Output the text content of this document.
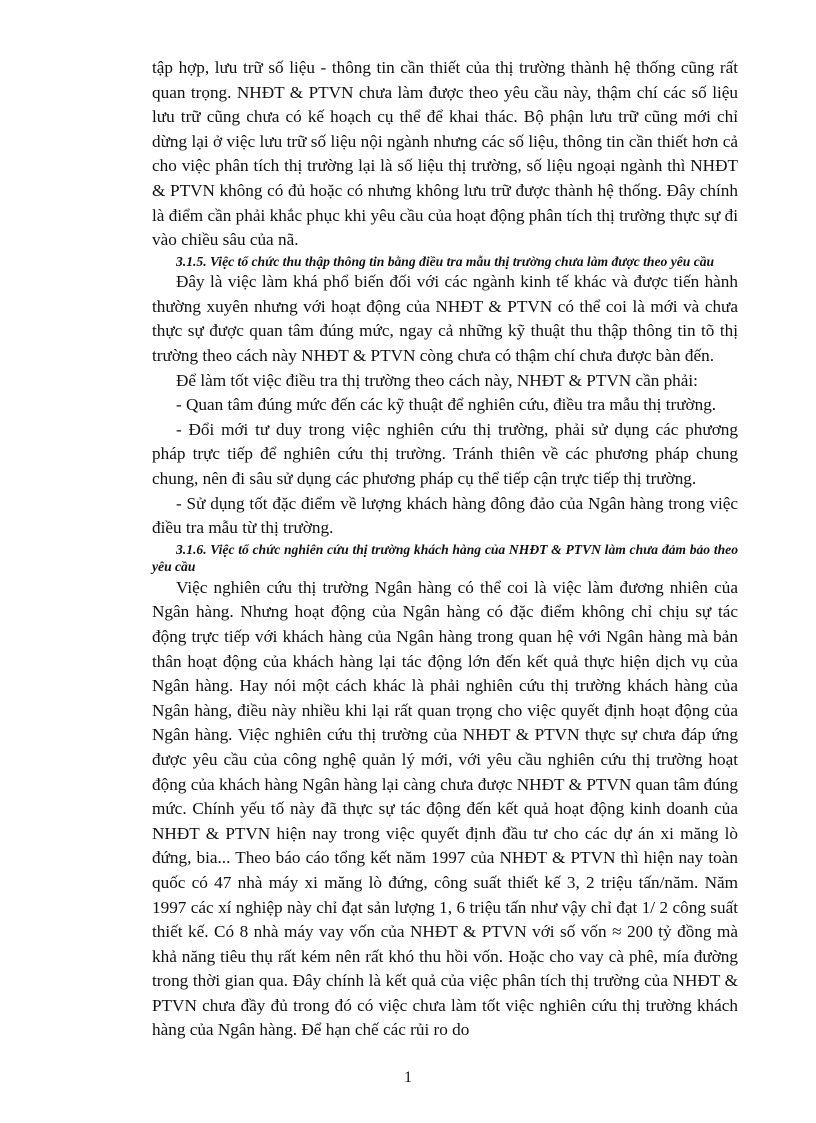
tập hợp, lưu trữ số liệu - thông tin cần thiết của thị trường thành hệ thống cũng rất quan trọng. NHĐT & PTVN chưa làm được theo yêu cầu này, thậm chí các số liệu lưu trữ cũng chưa có kế hoạch cụ thể để khai thác. Bộ phận lưu trữ cũng mới chỉ dừng lại ở việc lưu trữ số liệu nội ngành nhưng các số liệu, thông tin cần thiết hơn cả cho việc phân tích thị trường lại là số liệu thị trường, số liệu ngoại ngành thì NHĐT & PTVN không có đủ hoặc có nhưng không lưu trữ được thành hệ thống. Đây chính là điểm cần phải khắc phục khi yêu cầu của hoạt động phân tích thị trường thực sự đi vào chiều sâu của nã.

3.1.5. Việc tổ chức thu thập thông tin bằng điều tra mẫu thị trường chưa làm được theo yêu cầu

Đây là việc làm khá phổ biến đối với các ngành kinh tế khác và được tiến hành thường xuyên nhưng với hoạt động của NHĐT & PTVN có thể coi là mới và chưa thực sự được quan tâm đúng mức, ngay cả những kỹ thuật thu thập thông tin tõ thị trường theo cách này NHĐT & PTVN còng chưa có thậm chí chưa được bàn đến.

Để làm tốt việc điều tra thị trường theo cách này, NHĐT & PTVN cần phải:

- Quan tâm đúng mức đến các kỹ thuật để nghiên cứu, điều tra mẫu thị trường.

- Đổi mới tư duy trong việc nghiên cứu thị trường, phải sử dụng các phương pháp trực tiếp để nghiên cứu thị trường. Tránh thiên về các phương pháp chung chung, nên đi sâu sử dụng các phương pháp cụ thể tiếp cận trực tiếp thị trường.

- Sử dụng tốt đặc điểm về lượng khách hàng đông đảo của Ngân hàng trong việc điều tra mẫu từ thị trường.

3.1.6. Việc tổ chức nghiên cứu thị trường khách hàng của NHĐT & PTVN làm chưa đảm bảo theo yêu cầu

Việc nghiên cứu thị trường Ngân hàng có thể coi là việc làm đương nhiên của Ngân hàng. Nhưng hoạt động của Ngân hàng có đặc điểm không chỉ chịu sự tác động trực tiếp với khách hàng của Ngân hàng trong quan hệ với Ngân hàng mà bản thân hoạt động của khách hàng lại tác động lớn đến kết quả thực hiện dịch vụ của Ngân hàng. Hay nói một cách khác là phải nghiên cứu thị trường khách hàng của Ngân hàng, điều này nhiều khi lại rất quan trọng cho việc quyết định hoạt động của Ngân hàng. Việc nghiên cứu thị trường của NHĐT & PTVN thực sự chưa đáp ứng được yêu cầu của công nghệ quản lý mới, với yêu cầu nghiên cứu thị trường hoạt động của khách hàng Ngân hàng lại càng chưa được NHĐT & PTVN quan tâm đúng mức. Chính yếu tố này đã thực sự tác động đến kết quả hoạt động kinh doanh của NHĐT & PTVN hiện nay trong việc quyết định đầu tư cho các dự án xi măng lò đứng, bia... Theo báo cáo tổng kết năm 1997 của NHĐT & PTVN thì hiện nay toàn quốc có 47 nhà máy xi măng lò đứng, công suất thiết kế 3, 2 triệu tấn/năm. Năm 1997 các xí nghiệp này chỉ đạt sản lượng 1, 6 triệu tấn như vậy chỉ đạt 1/ 2 công suất thiết kế. Có 8 nhà máy vay vốn của NHĐT & PTVN với số vốn ≈ 200 tỷ đồng mà khả năng tiêu thụ rất kém nên rất khó thu hồi vốn. Hoặc cho vay cà phê, mía đường trong thời gian qua. Đây chính là kết quả của việc phân tích thị trường của NHĐT & PTVN chưa đầy đủ trong đó có việc chưa làm tốt việc nghiên cứu thị trường khách hàng của Ngân hàng. Để hạn chế các rủi ro do

1
